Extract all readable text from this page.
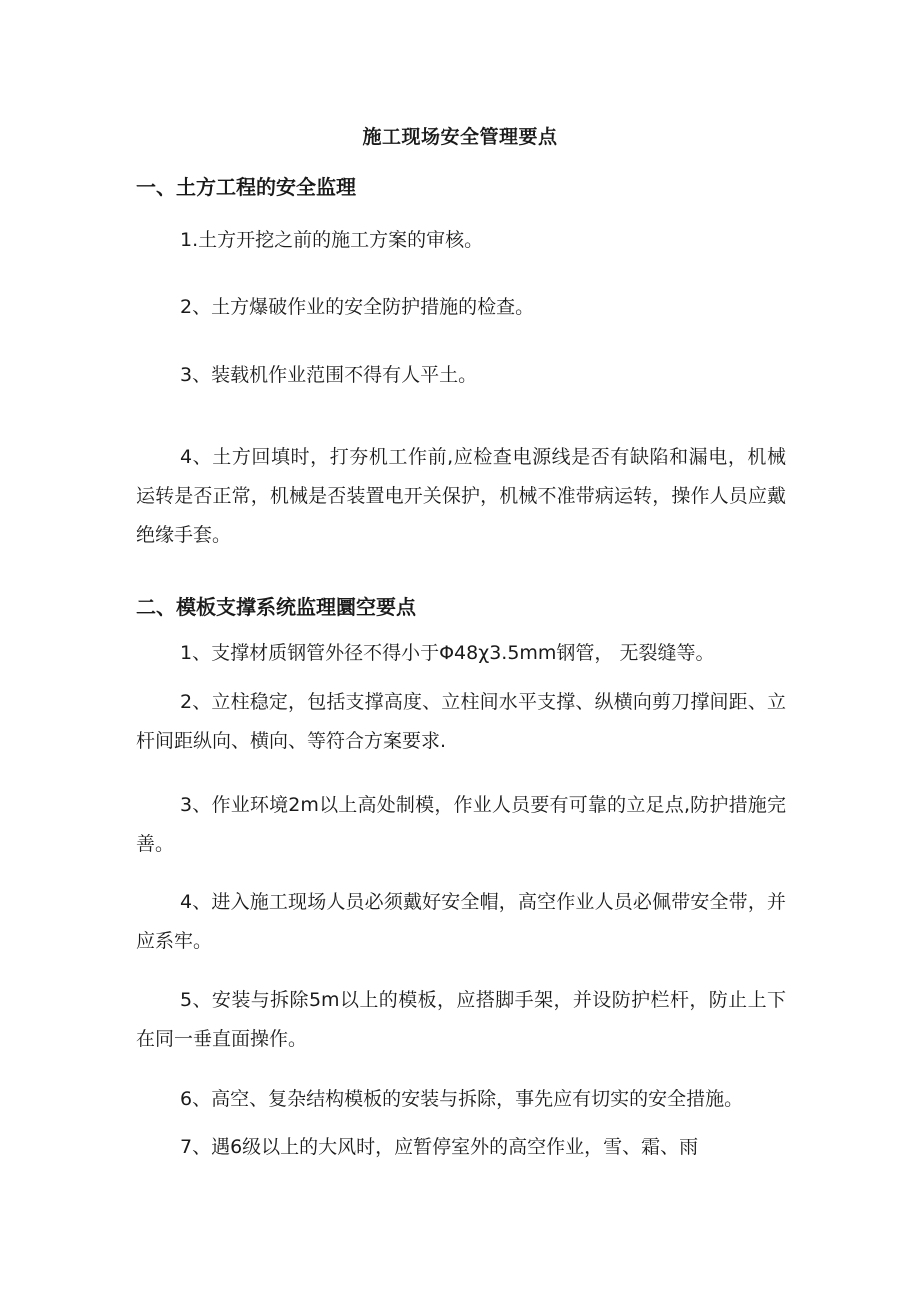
施工现场安全管理要点
一、土方工程的安全监理
1.土方开挖之前的施工方案的审核。
2、土方爆破作业的安全防护措施的检查。
3、装载机作业范围不得有人平土。
4、土方回填时，打夯机工作前,应检查电源线是否有缺陷和漏电，机械运转是否正常，机械是否装置电开关保护，机械不准带病运转，操作人员应戴绝缘手套。
二、模板支撑系统监理圜空要点
1、支撑材质钢管外径不得小于Φ48χ3.5mm钢管， 无裂缝等。
2、立柱稳定，包括支撑高度、立柱间水平支撑、纵横向剪刀撑间距、立杆间距纵向、横向、等符合方案要求.
3、作业环境2m以上高处制模，作业人员要有可靠的立足点,防护措施完善。
4、进入施工现场人员必须戴好安全帽，高空作业人员必佩带安全带，并应系牢。
5、安装与拆除5m以上的模板，应搭脚手架，并设防护栏杆，防止上下在同一垂直面操作。
6、高空、复杂结构模板的安装与拆除，事先应有切实的安全措施。
7、遇6级以上的大风时，应暂停室外的高空作业，雪、霜、雨
